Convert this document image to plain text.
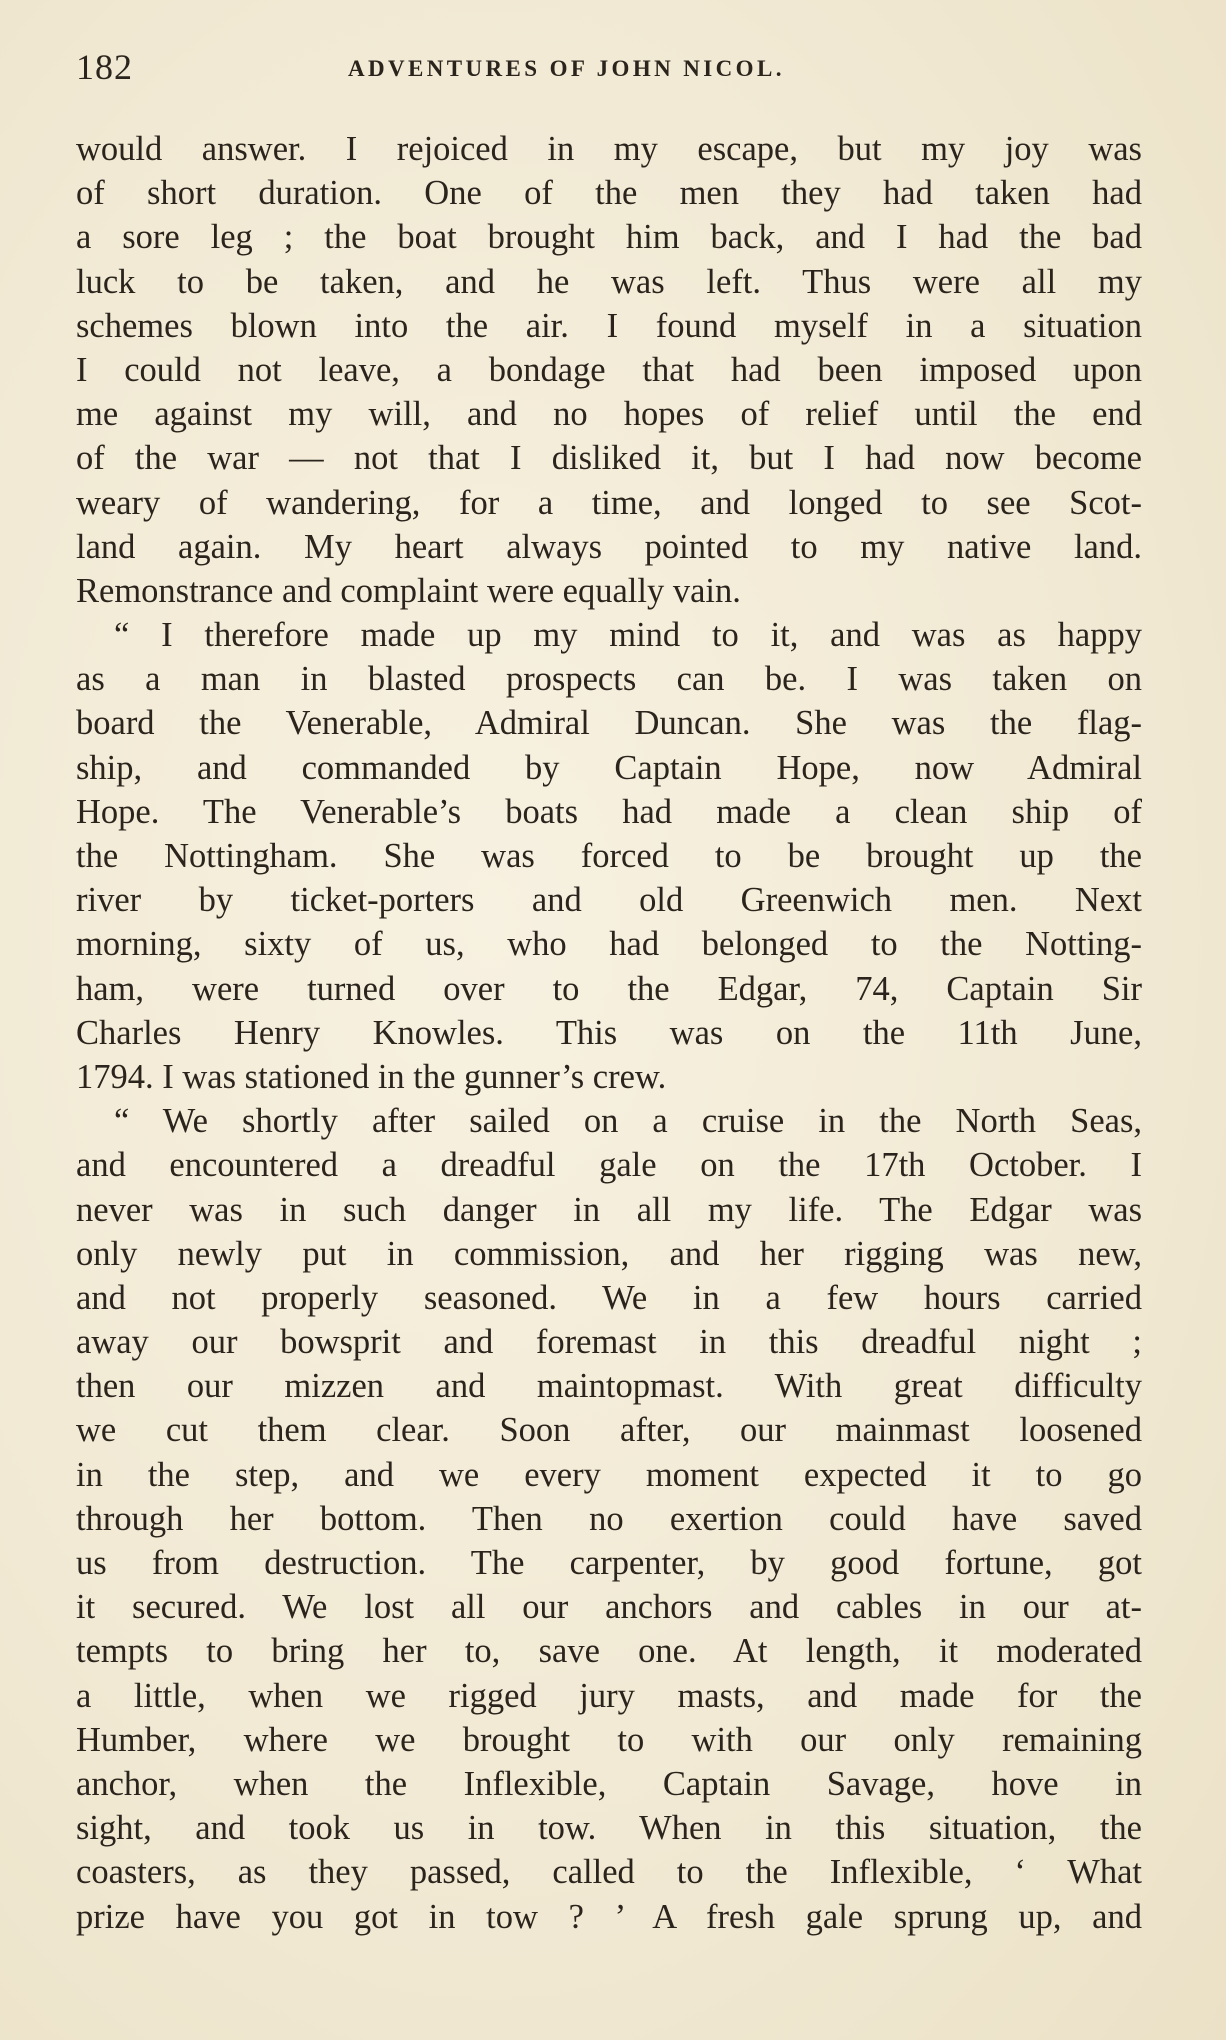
182	ADVENTURES OF JOHN NICOL.
would answer. I rejoiced in my escape, but my joy was
of short duration. One of the men they had taken had
a sore leg ; the boat brought him back, and I had the bad
luck to be taken, and he was left. Thus were all my
schemes blown into the air. I found myself in a situation
I could not leave, a bondage that had been imposed upon
me against my will, and no hopes of relief until the end
of the war — not that I disliked it, but I had now become
weary of wandering, for a time, and longed to see Scot-
land again. My heart always pointed to my native land.
Remonstrance and complaint were equally vain.
“ I therefore made up my mind to it, and was as happy
as a man in blasted prospects can be. I was taken on
board the Venerable, Admiral Duncan. She was the flag-
ship, and commanded by Captain Hope, now Admiral
Hope. The Venerable’s boats had made a clean ship of
the Nottingham. She was forced to be brought up the
river by ticket-porters and old Greenwich men. Next
morning, sixty of us, who had belonged to the Notting-
ham, were turned over to the Edgar, 74, Captain Sir
Charles Henry Knowles. This was on the 11th June,
1794. I was stationed in the gunner’s crew.
“ We shortly after sailed on a cruise in the North Seas,
and encountered a dreadful gale on the 17th October. I
never was in such danger in all my life. The Edgar was
only newly put in commission, and her rigging was new,
and not properly seasoned. We in a few hours carried
away our bowsprit and foremast in this dreadful night ;
then our mizzen and maintopmast. With great difficulty
we cut them clear. Soon after, our mainmast loosened
in the step, and we every moment expected it to go
through her bottom. Then no exertion could have saved
us from destruction. The carpenter, by good fortune, got
it secured. We lost all our anchors and cables in our at-
tempts to bring her to, save one. At length, it moderated
a little, when we rigged jury masts, and made for the
Humber, where we brought to with our only remaining
anchor, when the Inflexible, Captain Savage, hove in
sight, and took us in tow. When in this situation, the
coasters, as they passed, called to the Inflexible, ‘ What
prize have you got in tow ? ’ A fresh gale sprung up, and
